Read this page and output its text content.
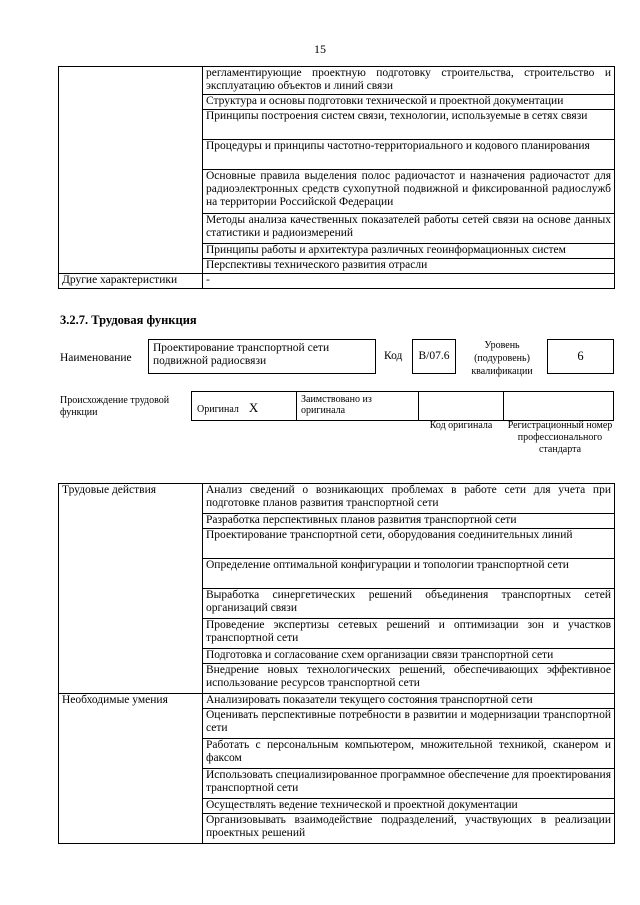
15
	регламентирующие проектную подготовку строительства, строительство и эксплуатацию объектов и линий связи
	Структура и основы подготовки технической и проектной документации
	Принципы построения систем связи, технологии, используемые в сетях связи
	Процедуры и принципы частотно-территориального и кодового планирования
	Основные правила выделения полос радиочастот и назначения радиочастот для радиоэлектронных средств сухопутной подвижной и фиксированной радиослужб на территории Российской Федерации
	Методы анализа качественных показателей работы сетей связи на основе данных статистики и радиоизмерений
	Принципы работы и архитектура различных геоинформационных систем
	Перспективы технического развития отрасли
Другие характеристики	-
3.2.7. Трудовая функция
Наименование
Проектирование транспортной сети подвижной радиосвязи	Код	B/07.6
Уровень (подуровень) квалификации
6
Происхождение трудовой функции	Оригинал X
Заимствовано из оригинала
Код оригинала	Регистрационный номер профессионального стандарта
Трудовые действия	Анализ сведений о возникающих проблемах в работе сети для учета при подготовке планов развития транспортной сети
	Разработка перспективных планов развития транспортной сети
	Проектирование транспортной сети, оборудования соединительных линий
	Определение оптимальной конфигурации и топологии транспортной сети
	Выработка синергетических решений объединения транспортных сетей организаций связи
	Проведение экспертизы сетевых решений и оптимизации зон и участков транспортной сети
	Подготовка и согласование схем организации связи транспортной сети
	Внедрение новых технологических решений, обеспечивающих эффективное использование ресурсов транспортной сети
Необходимые умения	Анализировать показатели текущего состояния транспортной сети
	Оценивать перспективные потребности в развитии и модернизации транспортной сети
	Работать с персональным компьютером, множительной техникой, сканером и факсом
	Использовать специализированное программное обеспечение для проектирования транспортной сети
	Осуществлять ведение технической и проектной документации
	Организовывать взаимодействие подразделений, участвующих в реализации проектных решений
